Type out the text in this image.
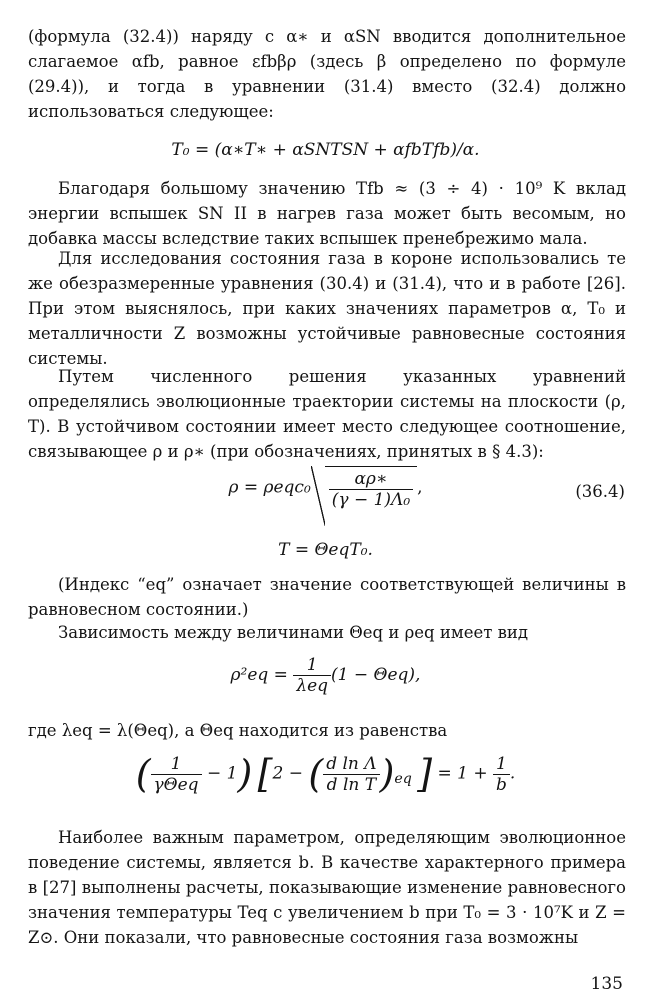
(формула (32.4)) наряду с α∗ и αSN вводится дополнительное слагаемое αfb, равное εfbβρ (здесь β определено по формуле (29.4)), и тогда в уравнении (31.4) вместо (32.4) должно использоваться следующее:

T₀ = (α∗T∗ + αSNTSN + αfbTfb)/α.

Благодаря большому значению Tfb ≈ (3 ÷ 4) · 10⁹ K вклад энергии вспышек SN II в нагрев газа может быть весомым, но добавка массы вследствие таких вспышек пренебрежимо мала.

Для исследования состояния газа в короне использовались те же обезразмеренные уравнения (30.4) и (31.4), что и в работе [26]. При этом выяснялось, при каких значениях параметров α, T₀ и металличности Z возможны устойчивые равновесные состояния системы.

Путем численного решения указанных уравнений определялись эволюционные траектории системы на плоскости (ρ, T). В устойчивом состоянии имеет место следующее соотношение, связывающее ρ и ρ∗ (при обозначениях, принятых в § 4.3):

$\rho = \rho eqc_0 \frac{\alpha\rho∗}{\text{(γ − 1)Λ₀}}$ ,	(36.4)
T = ΘeqT₀.

(Индекс “eq” означает значение соответствующей величины в равновесном состоянии.)

Зависимость между величинами Θeq и ρeq имеет вид

$\rho^2eq = \frac{1}{\text{λeq}} (1 - \Theta eq)$,

где λeq = λ(Θeq), а Θeq находится из равенства

( $\frac{1}{\text{γΘeq}} - 1$) [2 − ( $\frac{\text{d ln Λ}}{\text{d ln T}} )_{eq}$ ] = $1 + \frac{1}{b}$ .

Наиболее важным параметром, определяющим эволюционное поведение системы, является b. В качестве характерного примера в [27] выполнены расчеты, показывающие изменение равновесного значения температуры Teq с увеличением b при T₀ = 3 · 10⁷K и Z = Z⊙. Они показали, что равновесные состояния газа возможны

135
